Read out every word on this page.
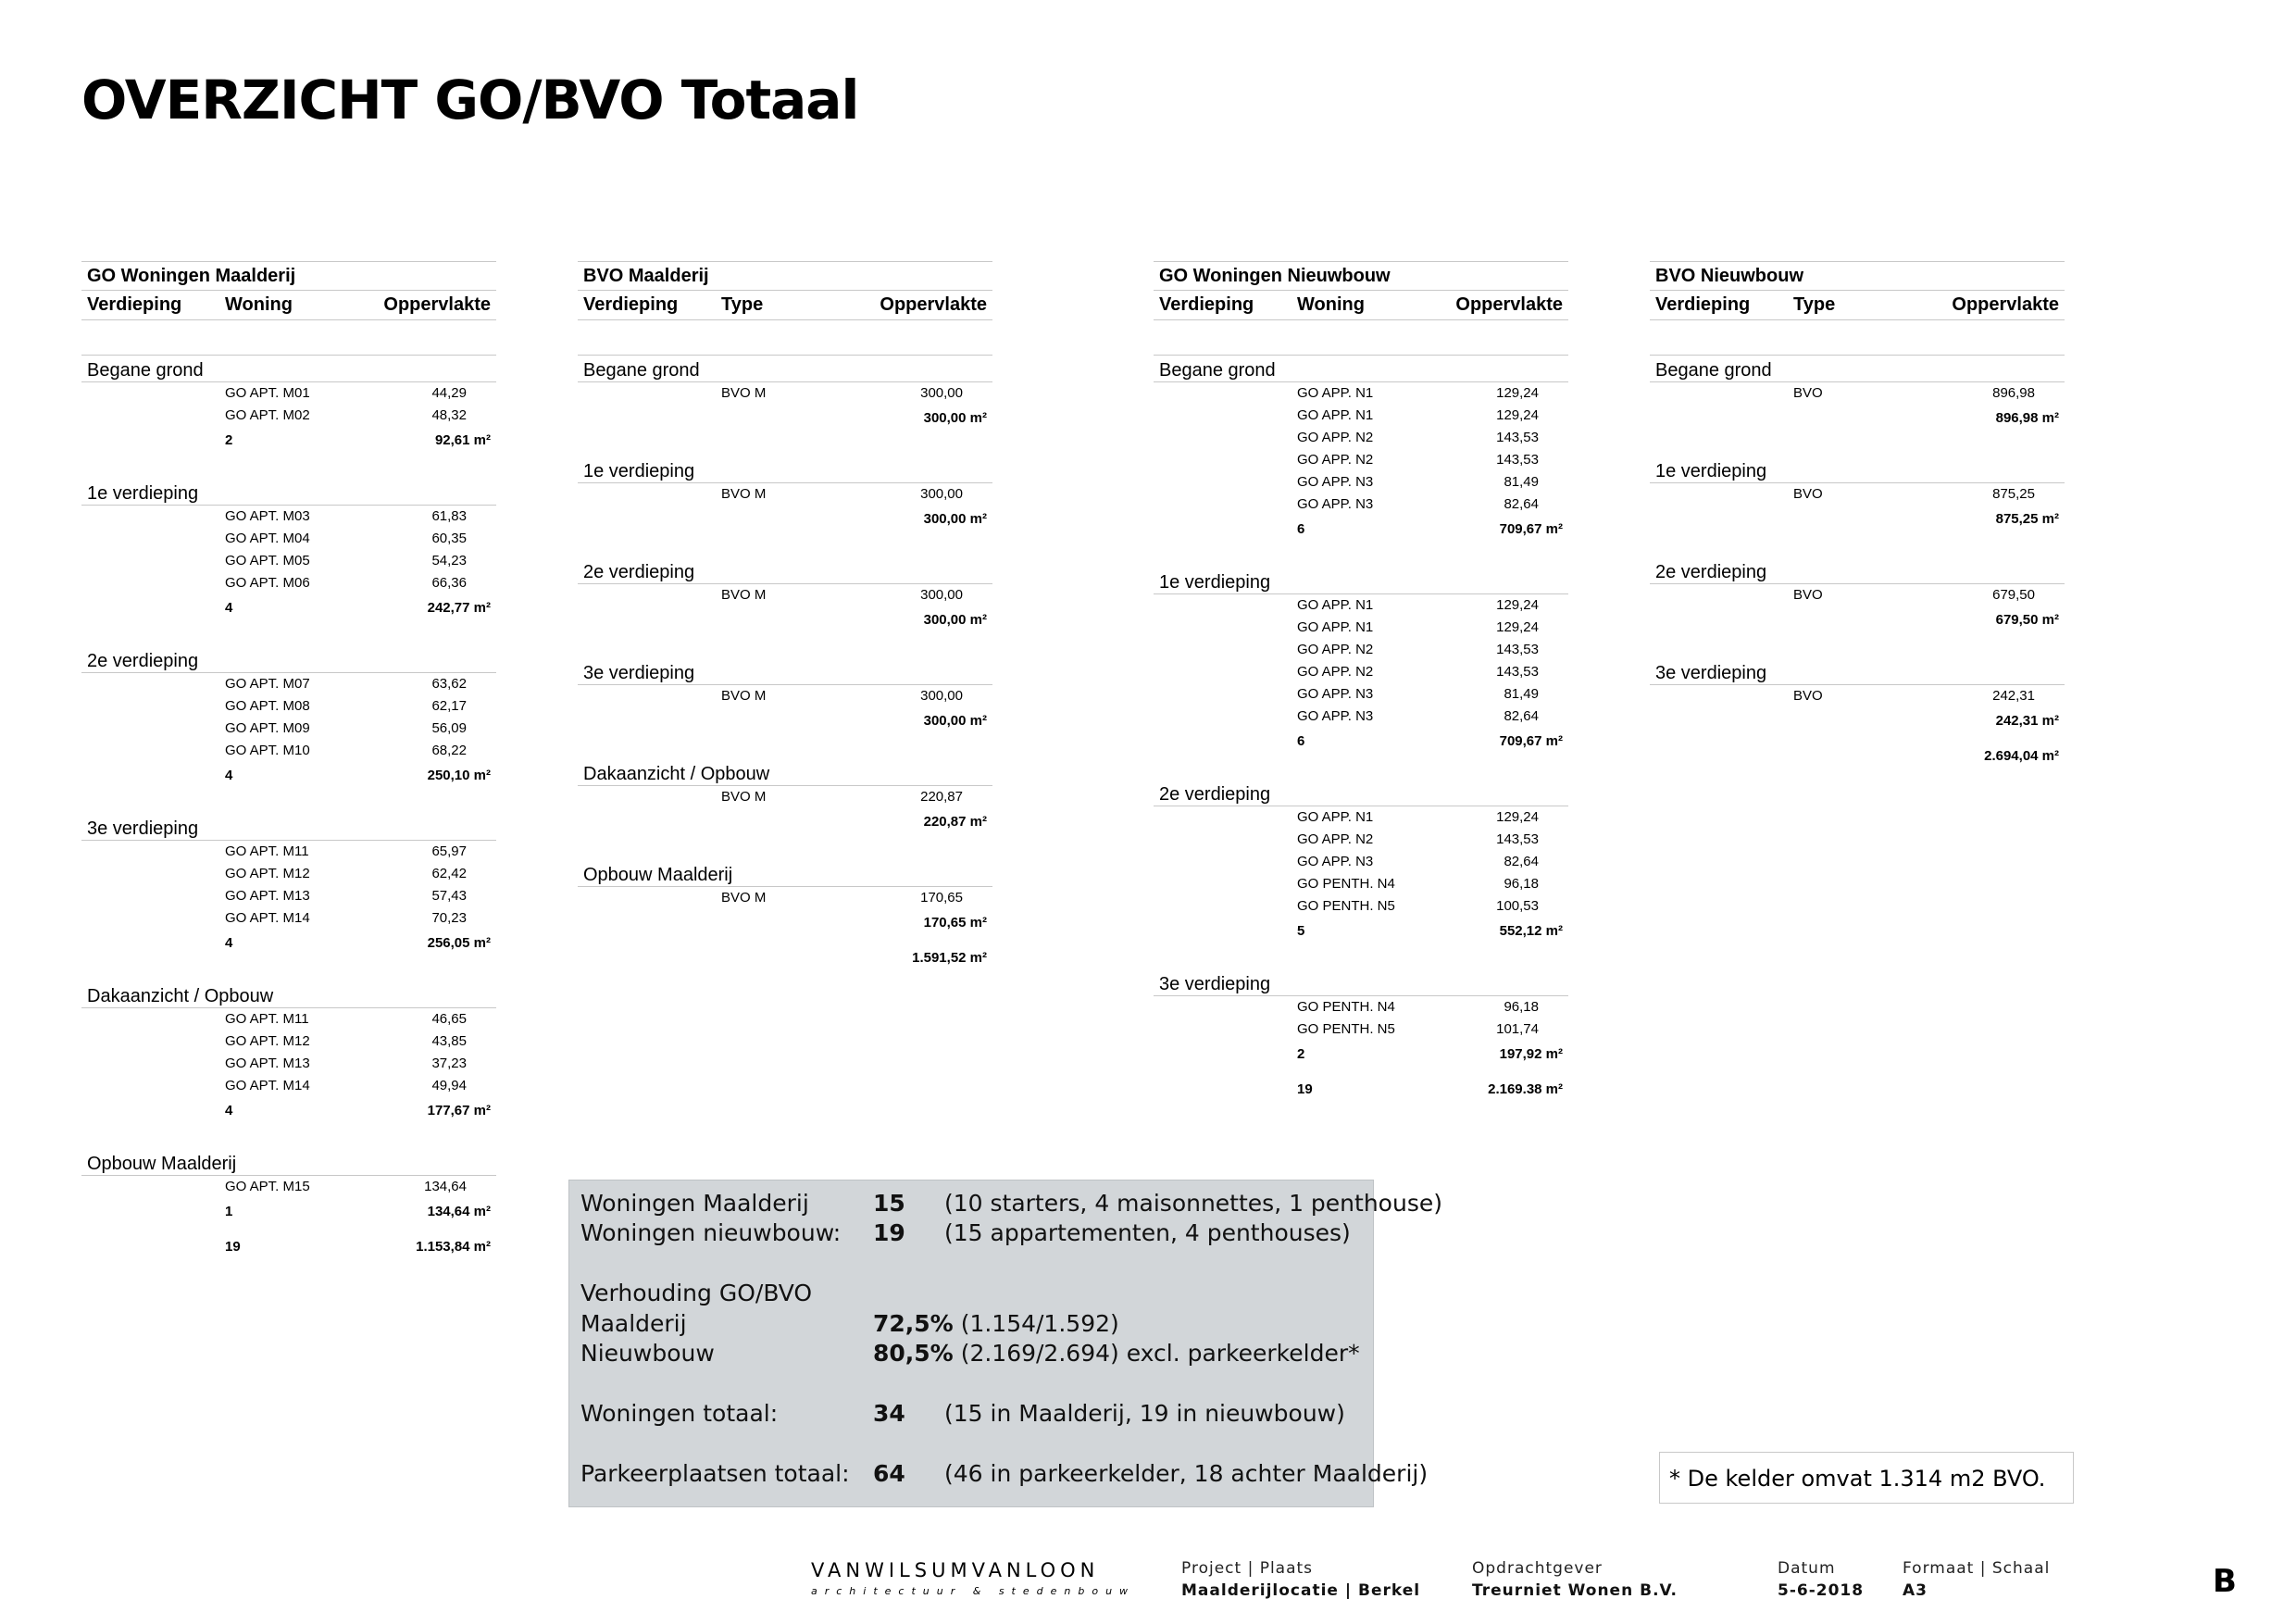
OVERZICHT GO/BVO Totaal
GO Woningen Maalderij
Verdieping Woning	Oppervlakte
Begane grond
GO APT. M01	44,29
GO APT. M02	48,32
2	92,61 m²
1e verdieping
GO APT. M03	61,83
GO APT. M04	60,35
GO APT. M05	54,23
GO APT. M06	66,36
4	242,77 m²
2e verdieping
GO APT. M07	63,62
GO APT. M08	62,17
GO APT. M09	56,09
GO APT. M10	68,22
4	250,10 m²
3e verdieping
GO APT. M11	65,97
GO APT. M12	62,42
GO APT. M13	57,43
GO APT. M14	70,23
4	256,05 m²
Dakaanzicht / Opbouw
GO APT. M11	46,65
GO APT. M12	43,85
GO APT. M13	37,23
GO APT. M14	49,94
4	177,67 m²
Opbouw Maalderij
GO APT. M15	134,64
1	134,64 m²
19	1.153,84 m²
BVO Maalderij
Verdieping Type	Oppervlakte
Begane grond
BVO M	300,00
300,00 m²
1e verdieping
BVO M	300,00
300,00 m²
2e verdieping
BVO M	300,00
300,00 m²
3e verdieping
BVO M	300,00
300,00 m²
Dakaanzicht / Opbouw
BVO M	220,87
220,87 m²
Opbouw Maalderij
BVO M	170,65
170,65 m²
1.591,52 m²
GO Woningen Nieuwbouw
Verdieping Woning	Oppervlakte
Begane grond
GO APP. N1	129,24
GO APP. N1	129,24
GO APP. N2	143,53
GO APP. N2	143,53
GO APP. N3	81,49
GO APP. N3	82,64
6	709,67 m²
1e verdieping
GO APP. N1	129,24
GO APP. N1	129,24
GO APP. N2	143,53
GO APP. N2	143,53
GO APP. N3	81,49
GO APP. N3	82,64
6	709,67 m²
2e verdieping
GO APP. N1	129,24
GO APP. N2	143,53
GO APP. N3	82,64
GO PENTH. N4	96,18
GO PENTH. N5	100,53
5	552,12 m²
3e verdieping
GO PENTH. N4	96,18
GO PENTH. N5	101,74
2	197,92 m²
19	2.169.38 m²
BVO Nieuwbouw
Verdieping Type	Oppervlakte
Begane grond
BVO	896,98
896,98 m²
1e verdieping
BVO	875,25
875,25 m²
2e verdieping
BVO	679,50
679,50 m²
3e verdieping
BVO	242,31
242,31 m²
2.694,04 m²
Woningen Maalderij	15 (10 starters, 4 maisonnettes, 1 penthouse)
Woningen nieuwbouw: 19 (15 appartementen, 4 penthouses)
Verhouding GO/BVO
Maalderij	72,5% (1.154/1.592)
Nieuwbouw	80,5% (2.169/2.694) excl. parkeerkelder*
Woningen totaal:	34 (15 in Maalderij, 19 in nieuwbouw)
Parkeerplaatsen totaal: 64 (46 in parkeerkelder, 18 achter Maalderij)	* De kelder omvat 1.314 m2 BVO.
VANWILSUMVANLOON
architectuur & stedenbouw
Project | Plaats
Maalderijlocatie | Berkel
Opdrachtgever
Treurniet Wonen B.V.
Datum
5-6-2018
Formaat | Schaal
A3	B
